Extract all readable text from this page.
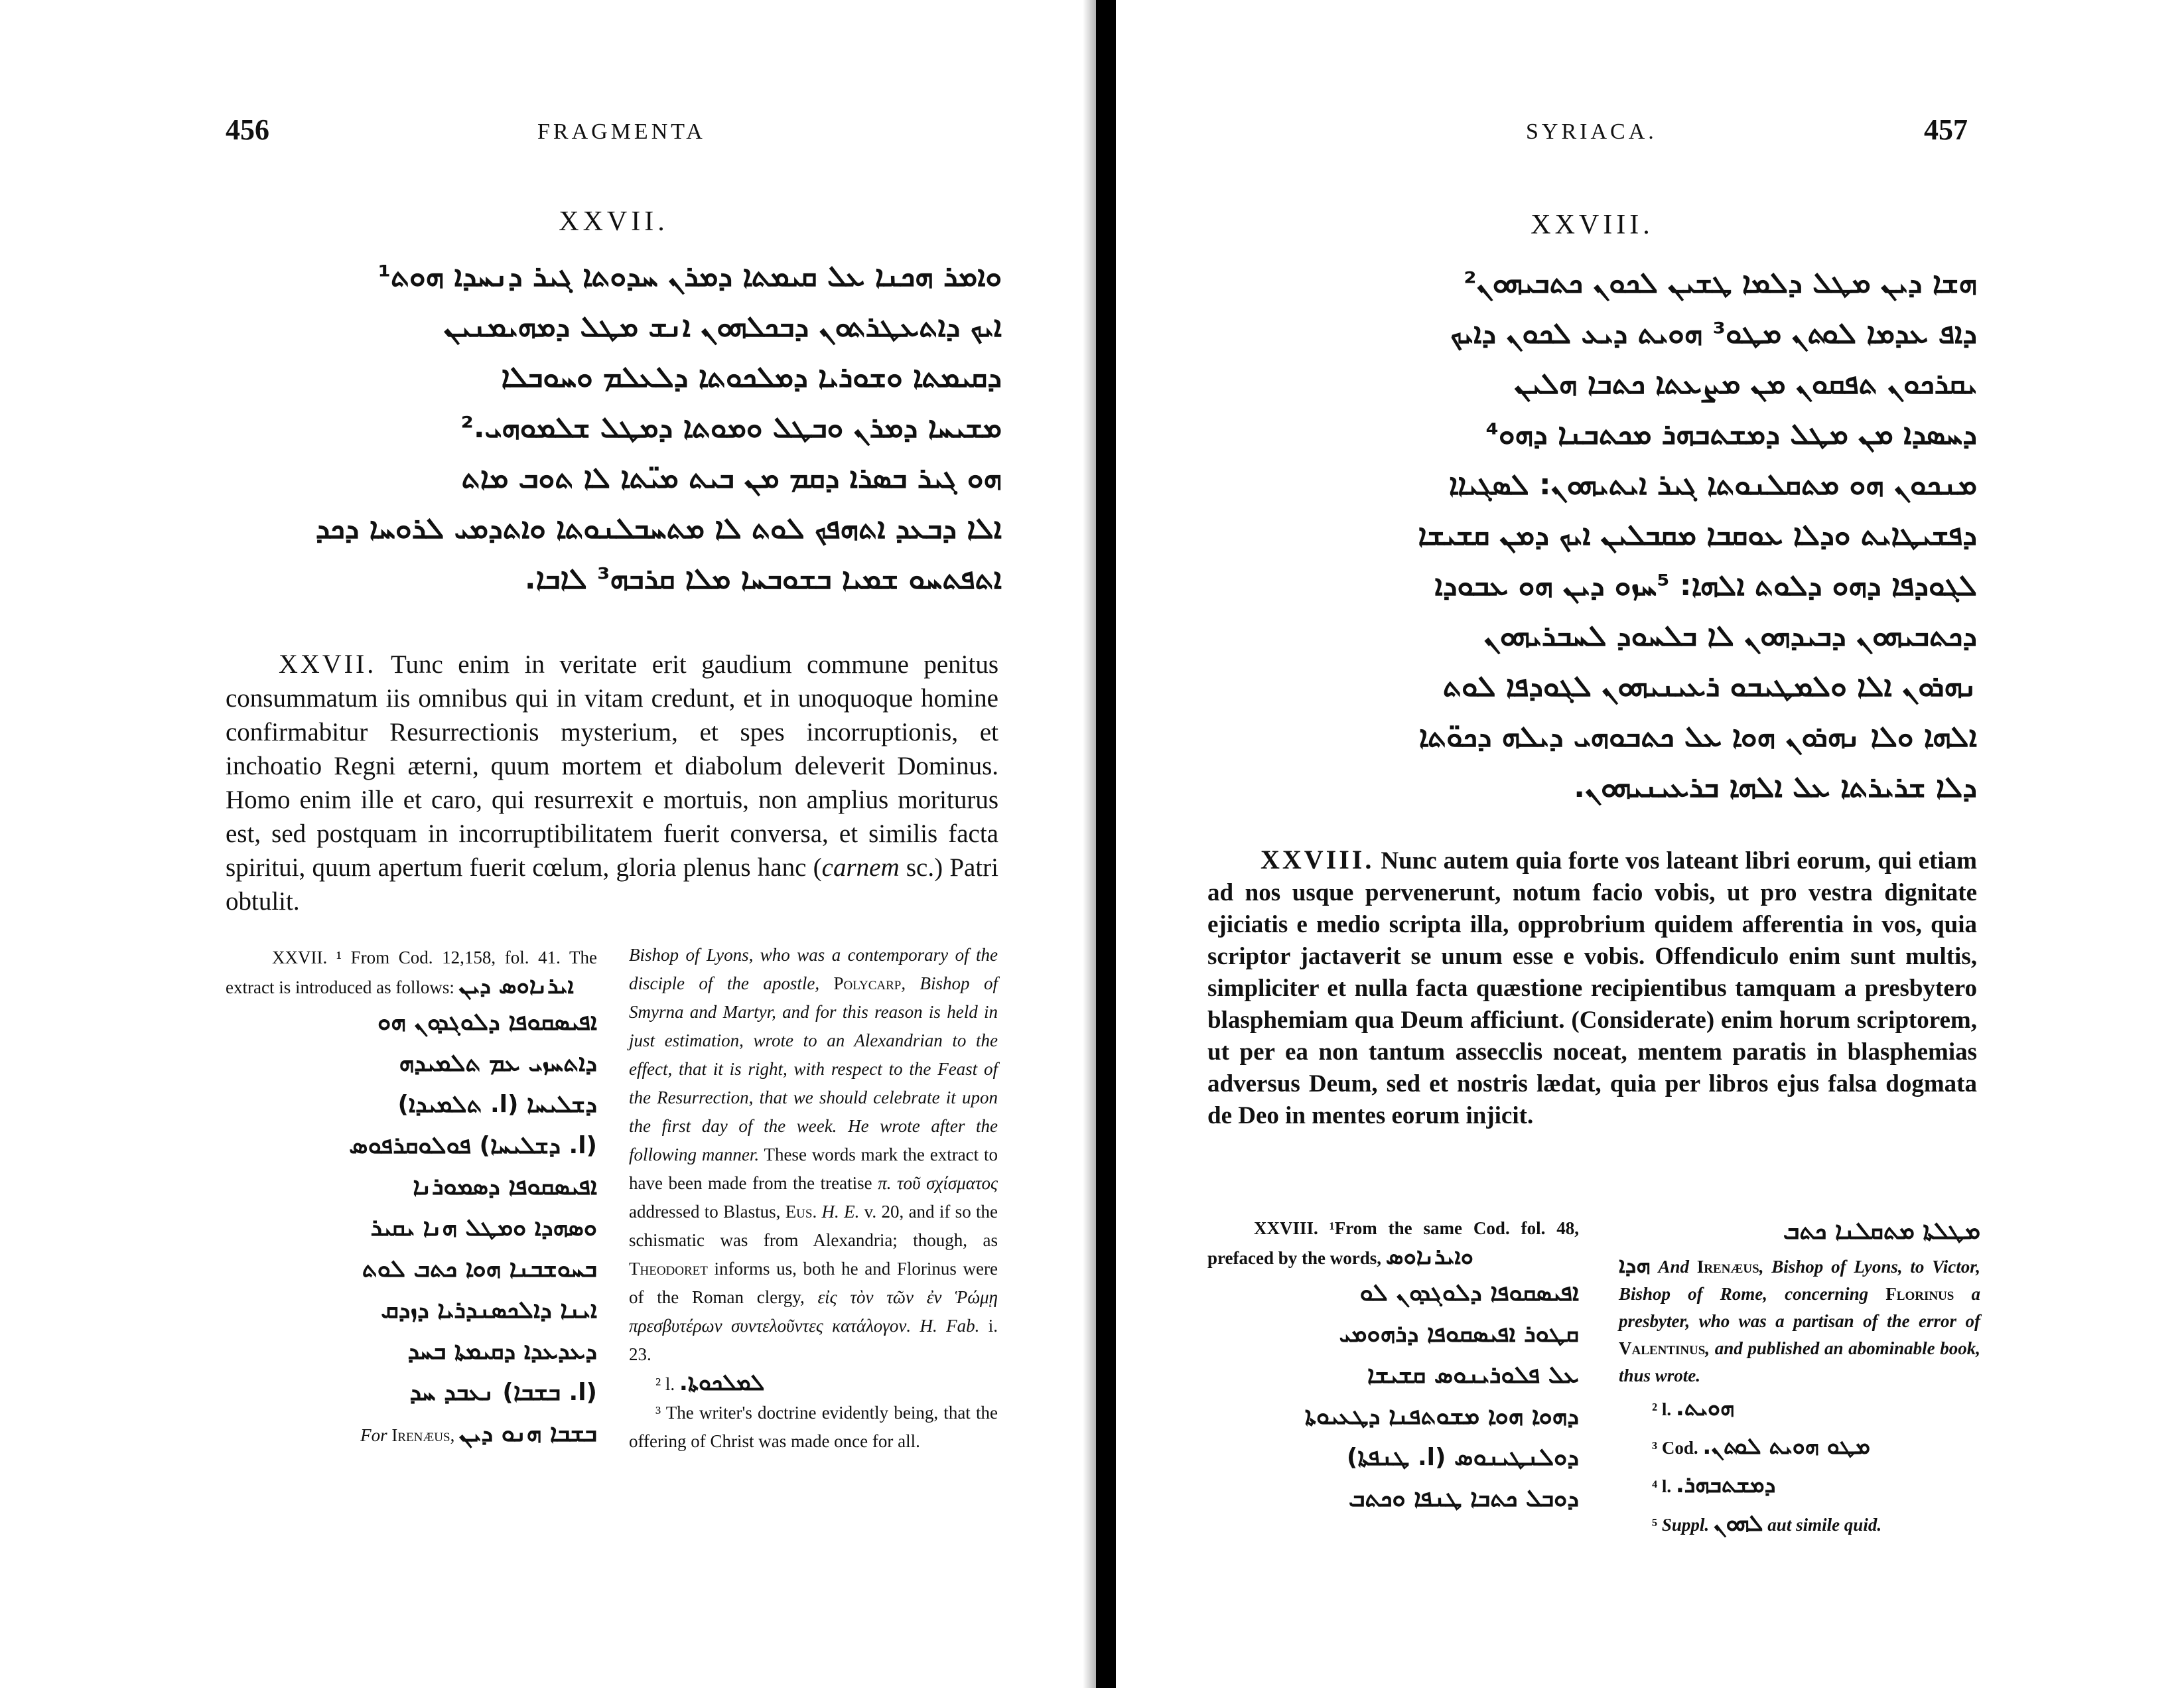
456	FRAGMENTA
XXVII.
ܘܐܡܪ ܗܟܢܐ ܥܠ ܩܝܡܬܐ ܕܡܪܢ ܚܕܘܬܐ ܓܝܪ ܕܢܚܕܐ ܗܘܬ¹
ܐܝܟ ܕܐܬܥܛܪܬܘܢ ܕܒܟܠܗܘܢ ܐܢܫ ܡܛܠ ܕܡܗܝܡܢܝܢ
ܕܩܝܡܬܐ ܘܫܘܪܝܐ ܕܡܠܟܘܬܐ ܕܠܥܠܡ ܘܚܘܒܠܐ
ܡܫܝܚܐ ܕܡܪܢ ܘܒܛܠ ܘܡܘܬܐ ܕܡܛܠ ܫܠܡܘܗܝ.²
ܗܘ ܓܝܪ ܒܣܪܐ ܕܩܡ ܡܢ ܒܝܬ ܡܝ̈ܬܐ ܠܐ ܬܘܒ ܡܐܬ
ܐܠܐ ܕܒܥܕ ܐܬܗܦܟ ܠܘܬ ܠܐ ܡܬܚܒܠܢܘܬܐ ܘܐܬܕܡܝ ܠܪܘܚܐ ܕܟܕ
ܐܬܦܬܚܘ ܫܡܝܐ ܒܫܘܒܚܐ ܡܠܐ ܩܪܒܗ³ ܠܐܒܐ.
XXVII. Tunc enim in veritate erit gaudium commune penitus consummatum iis omnibus qui in vitam credunt, et in unoquoque homine confirmabitur Resurrectionis mysterium, et spes incorruptionis, et inchoatio Regni æterni, quum mortem et diabolum deleverit Dominus. Homo enim ille et caro, qui resurrexit e mortuis, non amplius moriturus est, sed postquam in incorruptibilitatem fuerit conversa, et similis facta spiritui, quum apertum fuerit cœlum, gloria plenus hanc (carnem sc.) Patri obtulit.
XXVII. ¹ From Cod. 12,158, fol. 41. The extract is introduced as follows: ܐܝܪܢܐܘܣ ܕܝܢ
ܐܦܝܣܩܘܦܐ ܕܠܘܓܕܘܢ ܗܘ
ܕܐܬܚܙܝ ܥܡ ܬܠܡܝܕܗ
ܕܫܠܝܚܐ (l. ܬܠܡܝܕܐ)
(l. ܕܫܠܝܚܐ) ܦܘܠܘܩܪܦܘܣ
ܐܦܝܣܩܘܦܐ ܕܣܡܘܪܢܐ
ܘܣܗܕܐ ܘܡܛܠ ܗܢܐ ܝܩܝܪ
ܒܚܘܫܒܢܐ ܗܘܐ ܟܬܒ ܠܘܬ
ܐܝܢܐ ܕܐܠܟܣܢܕܪܝܐ ܕܙܕܩ
ܕܥܕܥܕܐ ܕܩܝܡܬܐ ܒܚܕ
(l. ܒܫܒܐ) ܢܥܒܕ ܚܕ
ܒܫܒܐ ܗܢܘ ܕܝܢ For Irenæus,
Bishop of Lyons, who was a contemporary of the disciple of the apostle, Polycarp, Bishop of Smyrna and Martyr, and for this reason is held in just estimation, wrote to an Alexandrian to the effect, that it is right, with respect to the Feast of the Resurrection, that we should celebrate it upon the first day of the week. He wrote after the following manner. These words mark the extract to have been made from the treatise π. τοῦ σχίσματος addressed to Blastus, Eus. H. E. v. 20, and if so the schismatic was from Alexandria; though, as Theodoret informs us, both he and Florinus were of the Roman clergy, εἰς τὸν τῶν ἐν Ῥώμῃ πρεσβυτέρων συντελοῦντες κατάλογον. H. Fab. i. 23.
² l. ܠܡܠܟܘܬܐ.
³ The writer's doctrine evidently being, that the offering of Christ was made once for all.
SYRIACA.	457
XXVIII.
ܗܫܐ ܕܝܢ ܡܛܠ ܕܠܡܐ ܛܫܝܢ ܠܟܘܢ ܟܬܒܝܗܘܢ²
ܕܐܦ ܥܕܡܐ ܠܘܬܢ ܡܛܘ³ ܗܘܝܬ ܕܝܥ ܠܟܘܢ ܕܐܝܟ
ܝܩܪܟܘܢ ܬܦܩܘܢ ܡܢ ܡܨܥܬܐ ܟܬܒܐ ܗܠܝܢ
ܕܚܣܕܐ ܡܢ ܡܛܠ ܕܡܫܬܒܗܪ ܡܟܬܒܢܐ ܕܗܘ⁴
ܡܢܟܘܢ ܗܘ ܡܬܩܠܢܘܬܐ ܓܝܪ ܐܝܬܝܗܘܢ: ܠܣܓܝܐܐ
ܕܦܫܝܛܐܝܬ ܘܕܠܐ ܥܘܩܒܐ ܡܩܒܠܝܢ ܐܝܟ ܕܡܢ ܩܫܝܫܐ
ܠܓܘܕܦܐ ܕܗܘ ܕܠܘܬ ܐܠܗܐ: ⁵ܚܙܘ ܕܝܢ ܗܘ ܥܒܘܕܐ
ܕܟܬܒܝܗܘܢ ܕܒܝܕܗܘܢ ܠܐ ܒܠܚܘܕ ܠܚܒܪܝܗܘܢ
ܢܗܪܘܢ ܐܠܐ ܘܠܡܛܝܒܘ ܪܥܝܢܝܗܘܢ ܠܓܘܕܦܐ ܠܘܬ
ܐܠܗܐ ܘܠܐ ܢܗܪܘܢ ܗܘܐ ܥܠ ܟܬܒܘܗܝ ܕܝܠܗ ܕܟܘ̈ܬܐ
ܕܠܐ ܫܪܝܪܬܐ ܥܠ ܐܠܗܐ ܒܪܥܝܢܝܗܘܢ.
XXVIII. Nunc autem quia forte vos lateant libri eorum, qui etiam ad nos usque pervenerunt, notum facio vobis, ut pro vestra dignitate ejiciatis e medio scripta illa, opprobrium quidem afferentia in vos, quia scriptor jactaverit se unum esse e vobis. Offendiculo enim sunt multis, simpliciter et nulla facta quæstione recipientibus tamquam a presbytero blasphemiam qua Deum afficiunt. (Considerate) enim horum scriptorem, ut per ea non tantum assecclis noceat, mentem paratis in blasphemias adversus Deum, sed et nostris lædat, quia per libros ejus falsa dogmata de Deo in mentes eorum injicit.
XXVIII. ¹From the same Cod. fol. 48, prefaced by the words, ܘܐܝܪܢܐܘܣ
ܐܦܝܣܩܘܦܐ ܕܠܘܓܕܘܢ ܠܘ
ܩܛܘܪ ܐܦܝܣܩܘܦܐ ܕܪܗܘܡܝ
ܥܠ ܦܠܘܪܝܢܘܣ ܩܫܝܫܐ
ܕܗܘܐ ܗܘܐ ܡܫܘܬܦܢܐ ܕܛܥܝܘܬܐ
ܕܘܠܢܛܝܢܘܣ (l. ܛܢܦܬܐ)
ܕܘܒܠ ܟܬܒܐ ܛܢܦܐ ܘܟܬܒ
ܡܛܠܬܐ ܡܬܩܠܢܐ ܟܬܒ
ܗܕܐ And Irenæus, Bishop of Lyons, to Victor, Bishop of Rome, concerning Florinus a presbyter, who was a partisan of the error of Valentinus, and published an abominable book, thus wrote.
² l. ܗܘܝܬ.
³ Cod. ܡܛܘ ܗܘܝܬ ܠܘܬܢ.
⁴ l. ܕܡܫܬܒܗܪ.
⁵ Suppl. ܠܗܘܢ aut simile quid.
